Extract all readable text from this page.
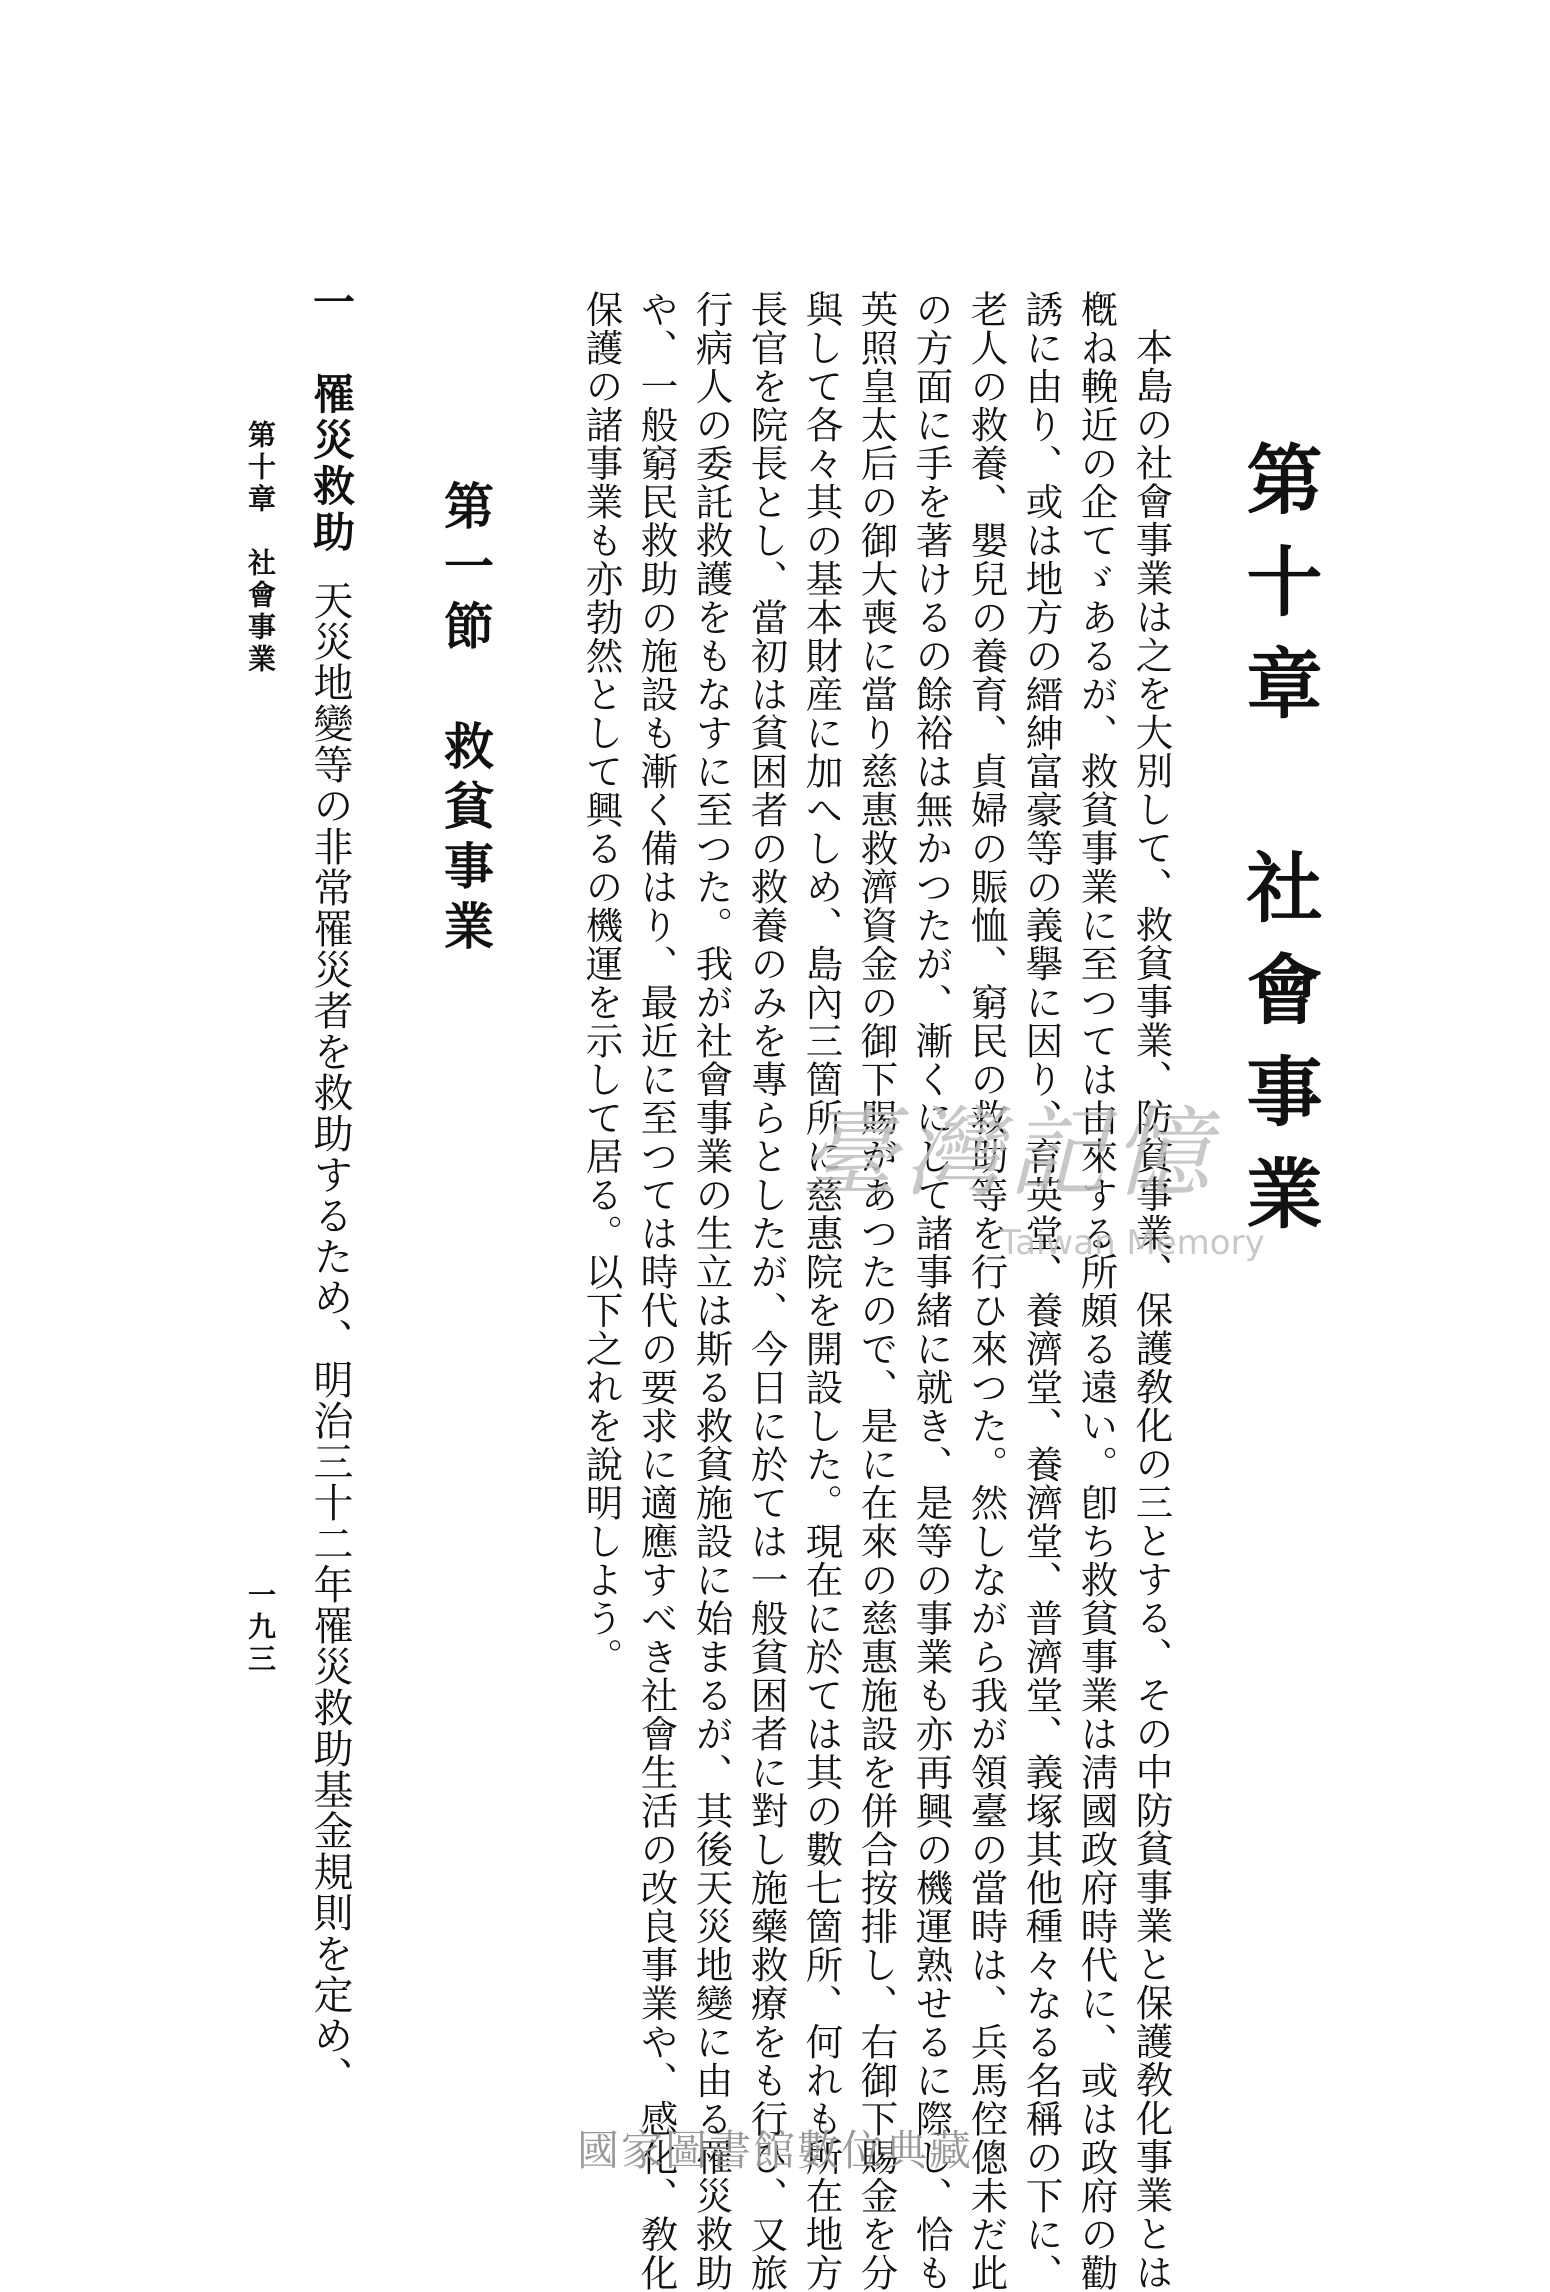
第十章　社會事業
本島の社會事業は之を大別して、救貧事業、防貧事業、保護敎化の三とする、その中防貧事業と保護敎化事業とは
槪ね輓近の企てゞあるが、救貧事業に至つては由來する所頗る遠い。卽ち救貧事業は淸國政府時代に、或は政府の勸
誘に由り、或は地方の縉紳富豪等の義擧に因り、育英堂、養濟堂、養濟堂、普濟堂、義塚其他種々なる名稱の下に、
老人の救養、嬰兒の養育、貞婦の賑恤、窮民の救助等を行ひ來つた。然しながら我が領臺の當時は、兵馬倥傯未だ此
の方面に手を著けるの餘裕は無かつたが、漸くにして諸事緒に就き、是等の事業も亦再興の機運熟せるに際し、恰も
英照皇太后の御大喪に當り慈惠救濟資金の御下賜があつたので、是に在來の慈惠施設を併合按排し、右御下賜金を分
與して各々其の基本財産に加へしめ、島內三箇所に慈惠院を開設した。現在に於ては其の數七箇所、何れも所在地方
長官を院長とし、當初は貧困者の救養のみを專らとしたが、今日に於ては一般貧困者に對し施藥救療をも行ひ、又旅
行病人の委託救護をもなすに至つた。我が社會事業の生立は斯る救貧施設に始まるが、其後天災地變に由る罹災救助
や、一般窮民救助の施設も漸く備はり、最近に至つては時代の要求に適應すべき社會生活の改良事業や、感化、敎化
保護の諸事業も亦勃然として興るの機運を示して居る。以下之れを說明しよう。
第一節　救貧事業
一　罹災救助
天災地變等の非常罹災者を救助するため、明治三十二年罹災救助基金規則を定め、
第十章　社會事業
一九三
臺灣記憶
Taiwan Memory
國家圖書館數位典藏
